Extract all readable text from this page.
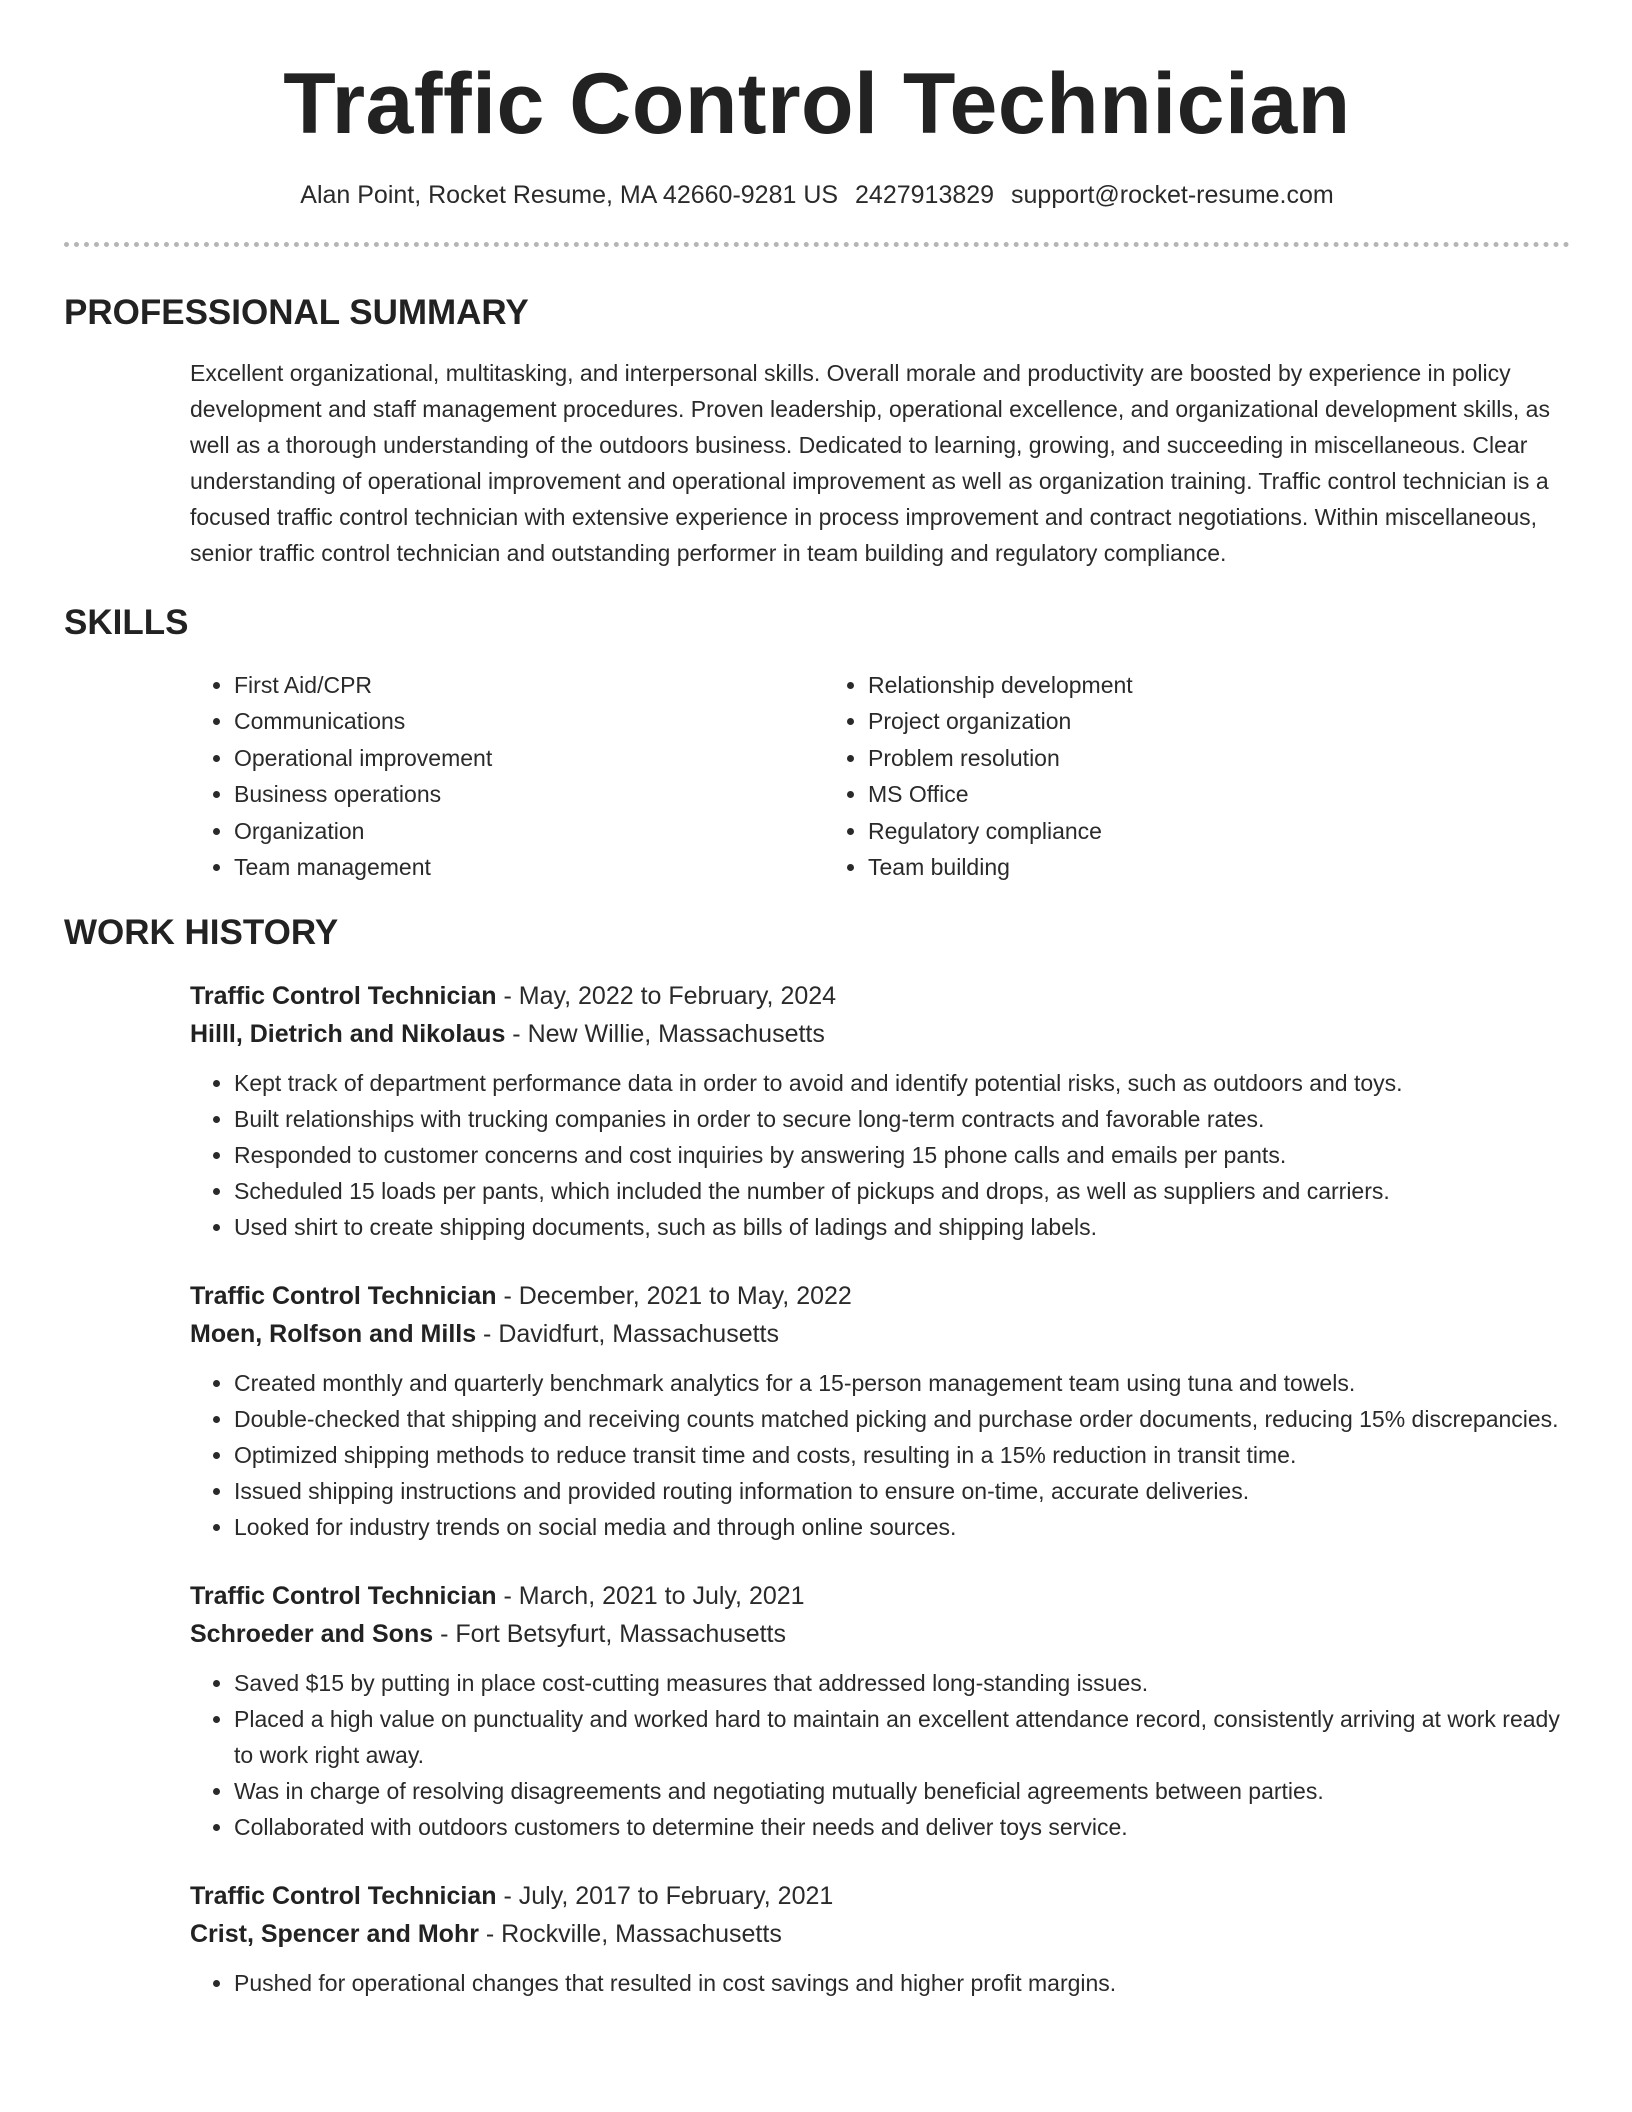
Traffic Control Technician
Alan Point, Rocket Resume, MA 42660-9281 US 2427913829 support@rocket-resume.com
PROFESSIONAL SUMMARY

Excellent organizational, multitasking, and interpersonal skills. Overall morale and productivity are boosted by experience in policy development and staff management procedures. Proven leadership, operational excellence, and organizational development skills, as well as a thorough understanding of the outdoors business. Dedicated to learning, growing, and succeeding in miscellaneous. Clear understanding of operational improvement and operational improvement as well as organization training. Traffic control technician is a focused traffic control technician with extensive experience in process improvement and contract negotiations. Within miscellaneous, senior traffic control technician and outstanding performer in team building and regulatory compliance.

SKILLS
• First Aid/CPR
• Communications
• Operational improvement
• Business operations
• Organization
• Team management
• Relationship development
• Project organization
• Problem resolution
• MS Office
• Regulatory compliance
• Team building
WORK HISTORY
Traffic Control Technician - May, 2022 to February, 2024
Hilll, Dietrich and Nikolaus - New Willie, Massachusetts
• Kept track of department performance data in order to avoid and identify potential risks, such as outdoors and toys.
• Built relationships with trucking companies in order to secure long-term contracts and favorable rates.
• Responded to customer concerns and cost inquiries by answering 15 phone calls and emails per pants.
• Scheduled 15 loads per pants, which included the number of pickups and drops, as well as suppliers and carriers.
• Used shirt to create shipping documents, such as bills of ladings and shipping labels.
Traffic Control Technician - December, 2021 to May, 2022
Moen, Rolfson and Mills - Davidfurt, Massachusetts
• Created monthly and quarterly benchmark analytics for a 15-person management team using tuna and towels.
• Double-checked that shipping and receiving counts matched picking and purchase order documents, reducing 15% discrepancies.
• Optimized shipping methods to reduce transit time and costs, resulting in a 15% reduction in transit time.
• Issued shipping instructions and provided routing information to ensure on-time, accurate deliveries.
• Looked for industry trends on social media and through online sources.
Traffic Control Technician - March, 2021 to July, 2021
Schroeder and Sons - Fort Betsyfurt, Massachusetts
• Saved $15 by putting in place cost-cutting measures that addressed long-standing issues.
• Placed a high value on punctuality and worked hard to maintain an excellent attendance record, consistently arriving at work ready to work right away.
• Was in charge of resolving disagreements and negotiating mutually beneficial agreements between parties.
• Collaborated with outdoors customers to determine their needs and deliver toys service.
Traffic Control Technician - July, 2017 to February, 2021
Crist, Spencer and Mohr - Rockville, Massachusetts
• Pushed for operational changes that resulted in cost savings and higher profit margins.
